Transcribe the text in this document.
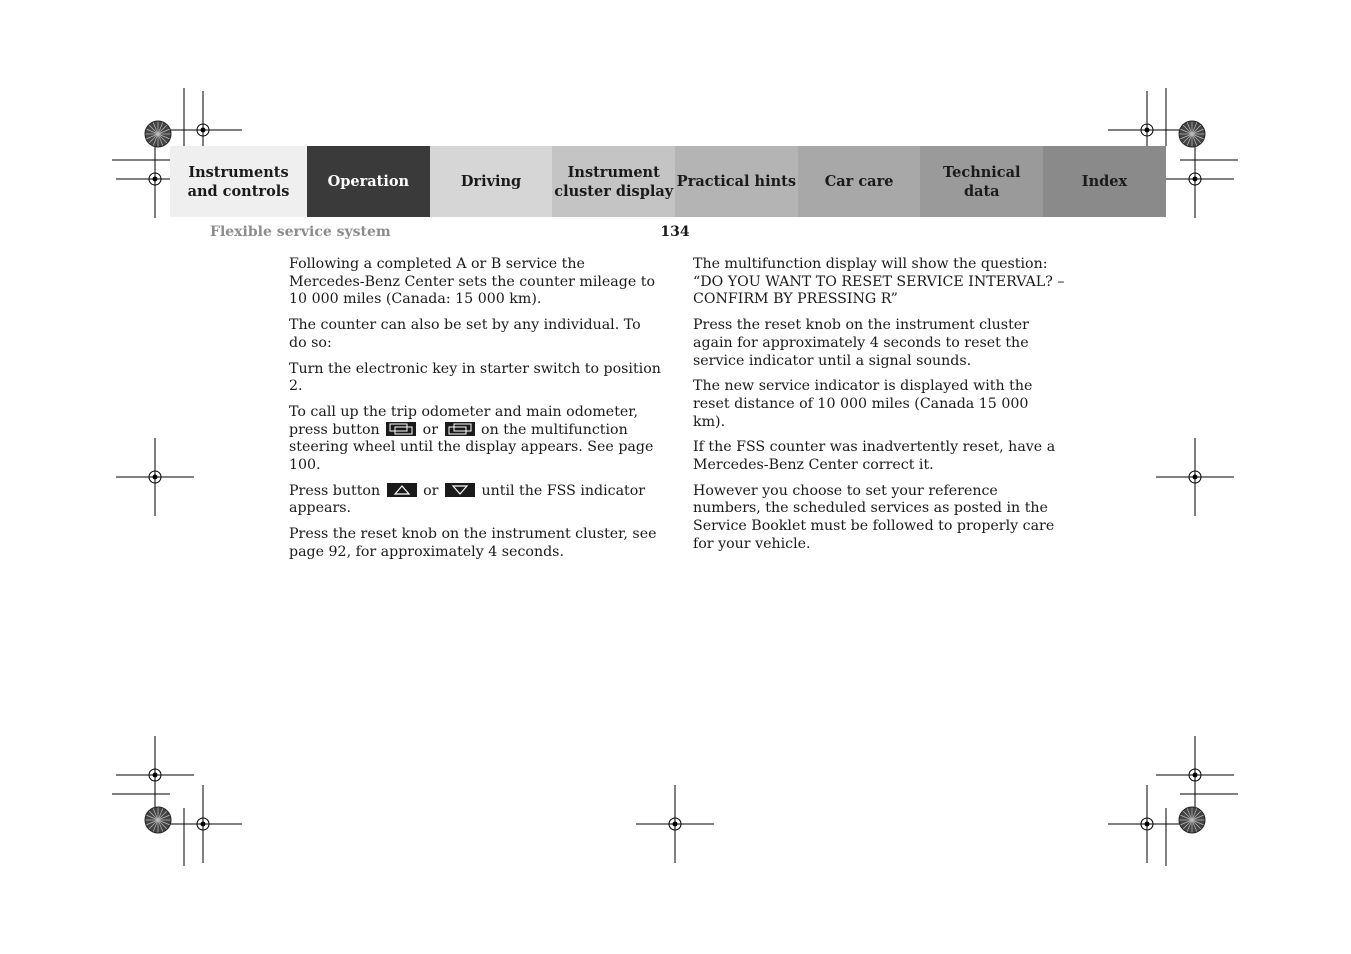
Instruments
and controls
Operation	Driving
Instrument
cluster display
Practical hints Car care
Technical
data
Index
Flexible service system	134

Following a completed A or B service the Mercedes-Benz Center sets the counter mileage to 10 000 miles (Canada: 15 000 km).

The counter can also be set by any individual. To do so:

Turn the electronic key in starter switch to position 2.

To call up the trip odometer and main odometer, press button	or	on the multifunction steering wheel until the display appears. See page 100.

Press button	or	until the FSS indicator appears.

Press the reset knob on the instrument cluster, see page 92, for approximately 4 seconds.

The multifunction display will show the question:
“DO YOU WANT TO RESET SERVICE INTERVAL? – CONFIRM BY PRESSING R”

Press the reset knob on the instrument cluster again for approximately 4 seconds to reset the service indicator until a signal sounds.

The new service indicator is displayed with the reset distance of 10 000 miles (Canada 15 000 km).

If the FSS counter was inadvertently reset, have a Mercedes-Benz Center correct it.

However you choose to set your reference numbers, the scheduled services as posted in the Service Booklet must be followed to properly care for your vehicle.
